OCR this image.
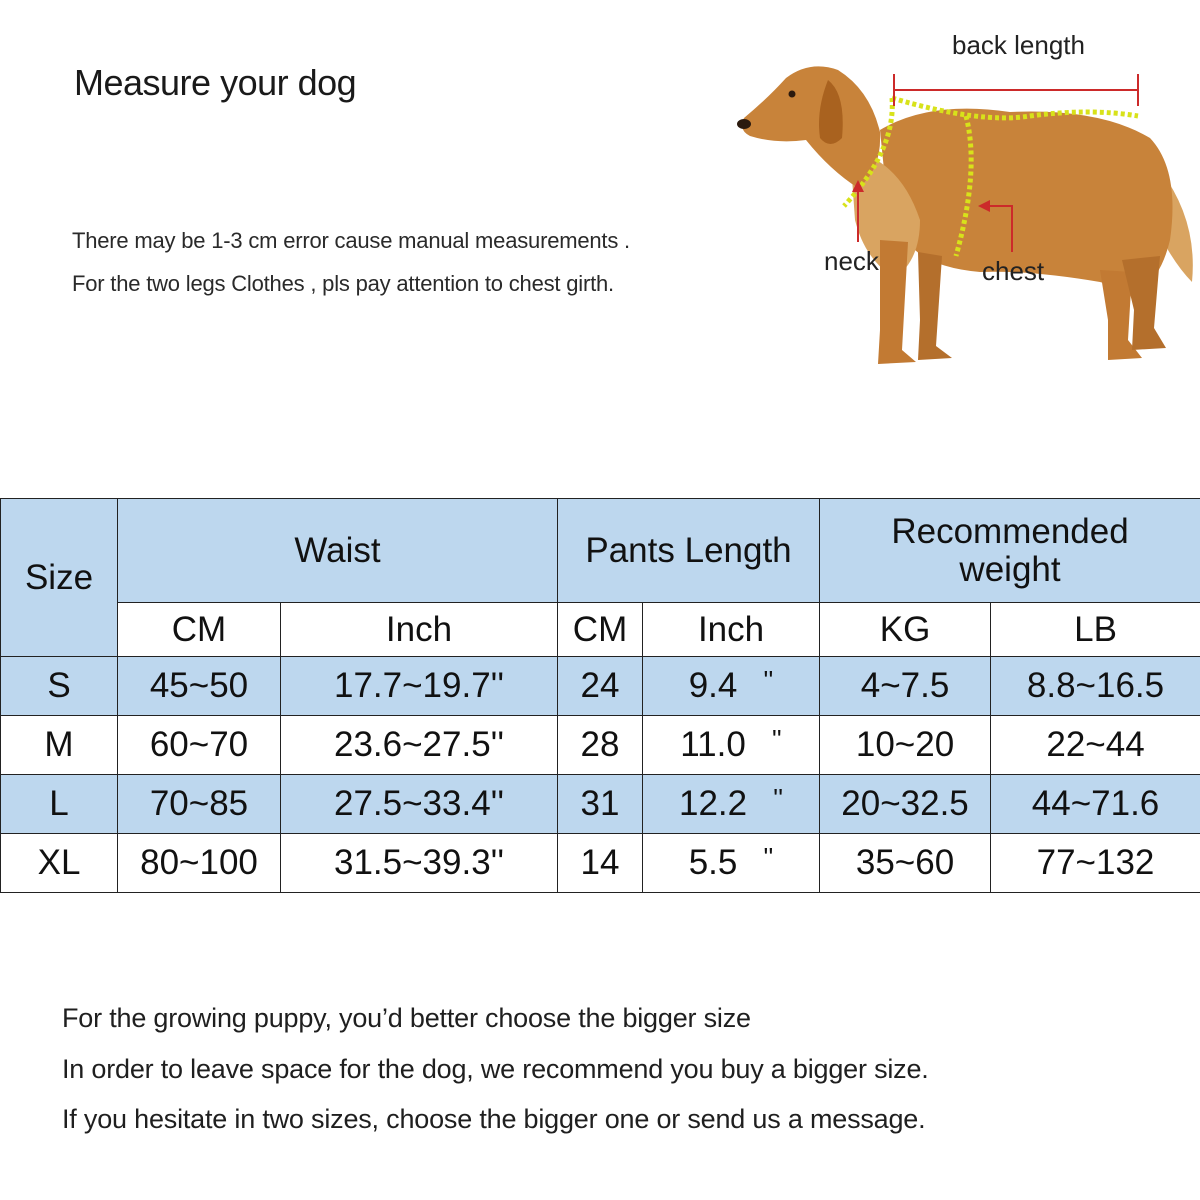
Measure your dog
There may be 1-3 cm error cause manual measurements .
For the two legs Clothes , pls pay attention to chest girth.
back length
neck	chest
Size	Waist		Pants Length		Recommended weight	
	CM	Inch	CM	Inch	KG	LB
S	45~50	17.7~19.7''	24	9.4 ''	4~7.5	8.8~16.5
M	60~70	23.6~27.5''	28	11.0 ''	10~20	22~44
L	70~85	27.5~33.4''	31	12.2 ''	20~32.5	44~71.6
XL	80~100	31.5~39.3''	14	5.5 ''	35~60	77~132
For the growing puppy, you’d better choose the bigger size
In order to leave space for the dog, we recommend you buy a bigger size.
If you hesitate in two sizes, choose the bigger one or send us a message.
